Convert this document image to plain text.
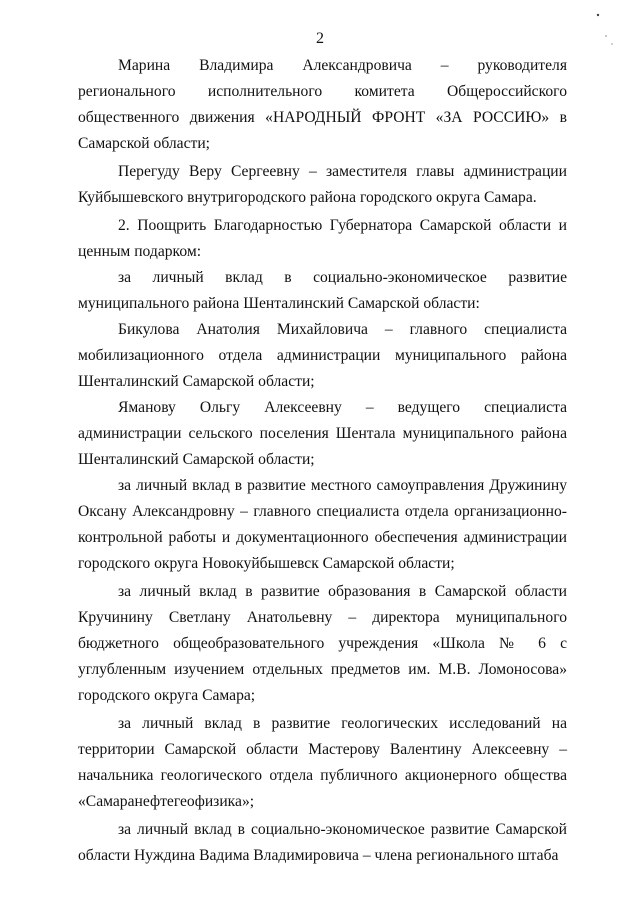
2

Марина Владимира Александровича – руководителя регионального исполнительного комитета Общероссийского общественного движения «НАРОДНЫЙ ФРОНТ «ЗА РОССИЮ» в Самарской области;

Перегуду Веру Сергеевну – заместителя главы администрации Куйбышевского внутригородского района городского округа Самара.

2. Поощрить Благодарностью Губернатора Самарской области и ценным подарком:

за личный вклад в социально-экономическое развитие муниципального района Шенталинский Самарской области:

Бикулова Анатолия Михайловича – главного специалиста мобилизационного отдела администрации муниципального района Шенталинский Самарской области;

Яманову Ольгу Алексеевну – ведущего специалиста администрации сельского поселения Шентала муниципального района Шенталинский Самарской области;

за личный вклад в развитие местного самоуправления Дружинину Оксану Александровну – главного специалиста отдела организационно-контрольной работы и документационного обеспечения администрации городского округа Новокуйбышевск Самарской области;

за личный вклад в развитие образования в Самарской области Кручинину Светлану Анатольевну – директора муниципального бюджетного общеобразовательного учреждения «Школа № 6 с углубленным изучением отдельных предметов им. М.В. Ломоносова» городского округа Самара;

за личный вклад в развитие геологических исследований на территории Самарской области Мастерову Валентину Алексеевну – начальника геологического отдела публичного акционерного общества «Самаранефтегеофизика»;

за личный вклад в социально-экономическое развитие Самарской области Нуждина Вадима Владимировича – члена регионального штаба
